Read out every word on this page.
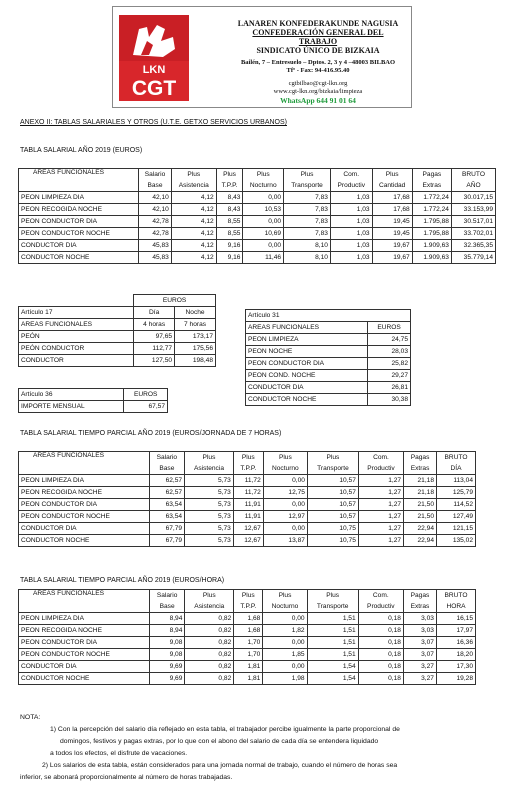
LKN
CGT
LANAREN KONFEDERAKUNDE NAGUSIA
CONFEDERACIÓN GENERAL DEL TRABAJO
SINDICATO ÚNICO DE BIZKAIA
Bailén, 7 – Entresuelo – Dptos. 2, 3 y 4 –48003 BILBAO
Tfº - Fax: 94-416.95.40
cgtbilbao@cgt-lkn.org
www.cgt-lkn.org/bizkaia/limpieza
WhatsApp 644 91 01 64
ANEXO II: TABLAS SALARIALES Y OTROS (U.T.E. GETXO SERVICIOS URBANOS)
TABLA SALARIAL AÑO 2019 (EUROS)
AREAS FUNCIONALES	Salario	Plus	Plus	Plus	Plus	Com.	Plus	Pagas	BRUTO
	Base	Asistencia	T.P.P.	Nocturno	Transporte	Productiv	Cantidad	Extras	AÑO
PEON LIMPIEZA DIA	42,10	4,12	8,43	0,00	7,83	1,03	17,68	1.772,24	30.017,15
PEON RECOGIDA NOCHE	42,10	4,12	8,43	10,53	7,83	1,03	17,68	1.772,24	33.153,99
PEON CONDUCTOR DIA	42,78	4,12	8,55	0,00	7,83	1,03	19,45	1.795,88	30.517,01
PEON CONDUCTOR NOCHE	42,78	4,12	8,55	10,69	7,83	1,03	19,45	1.795,88	33.702,01
CONDUCTOR DIA	45,83	4,12	9,16	0,00	8,10	1,03	19,67	1.909,63	32.365,35
CONDUCTOR NOCHE	45,83	4,12	9,16	11,46	8,10	1,03	19,67	1.909,63	35.779,14
	EUROS	
Artículo 17	Día	Noche
AREAS FUNCIONALES	4 horas	7 horas
PEÓN	97,65	173,17
PEÓN CONDUCTOR	112,77	175,56
CONDUCTOR	127,50	198,48
Artículo 36	EUROS
IMPORTE MENSUAL	67,57
Artículo 31	
AREAS FUNCIONALES	EUROS
PEON LIMPIEZA	24,75
PEON NOCHE	28,03
PEON CONDUCTOR DIA	25,82
PEON COND. NOCHE	29,27
CONDUCTOR DIA	26,81
CONDUCTOR NOCHE	30,38
TABLA SALARIAL TIEMPO PARCIAL AÑO 2019 (EUROS/JORNADA DE 7 HORAS)
AREAS FUNCIONALES	Salario	Plus	Plus	Plus	Plus	Com.	Pagas	BRUTO
	Base	Asistencia	T.P.P.	Nocturno	Transporte	Productiv	Extras	DÍA
PEON LIMPIEZA DIA	62,57	5,73	11,72	0,00	10,57	1,27	21,18	113,04
PEON RECOGIDA NOCHE	62,57	5,73	11,72	12,75	10,57	1,27	21,18	125,79
PEON CONDUCTOR DIA	63,54	5,73	11,91	0,00	10,57	1,27	21,50	114,52
PEON CONDUCTOR NOCHE	63,54	5,73	11,91	12,97	10,57	1,27	21,50	127,49
CONDUCTOR DIA	67,79	5,73	12,67	0,00	10,75	1,27	22,94	121,15
CONDUCTOR NOCHE	67,79	5,73	12,67	13,87	10,75	1,27	22,94	135,02
TABLA SALARIAL TIEMPO PARCIAL AÑO 2019 (EUROS/HORA)
AREAS FUNCIONALES	Salario	Plus	Plus	Plus	Plus	Com.	Pagas	BRUTO
	Base	Asistencia	T.P.P.	Nocturno	Transporte	Productiv	Extras	HORA
PEON LIMPIEZA DIA	8,94	0,82	1,68	0,00	1,51	0,18	3,03	16,15
PEON RECOGIDA NOCHE	8,94	0,82	1,68	1,82	1,51	0,18	3,03	17,97
PEON CONDUCTOR DIA	9,08	0,82	1,70	0,00	1,51	0,18	3,07	16,36
PEON CONDUCTOR NOCHE	9,08	0,82	1,70	1,85	1,51	0,18	3,07	18,20
CONDUCTOR DIA	9,69	0,82	1,81	0,00	1,54	0,18	3,27	17,30
CONDUCTOR NOCHE	9,69	0,82	1,81	1,98	1,54	0,18	3,27	19,28
NOTA:
1) Con la percepción del salario día reflejado en esta tabla, el trabajador percibe igualmente la parte proporcional de
domingos, festivos y pagas extras, por lo que con el abono del salario de cada día se entendera liquidado
a todos los efectos, el disfrute de vacaciones.
2) Los salarios de esta tabla, están considerados para una jornada normal de trabajo, cuando el número de horas sea
inferior, se abonará proporcionalmente al número de horas trabajadas.
